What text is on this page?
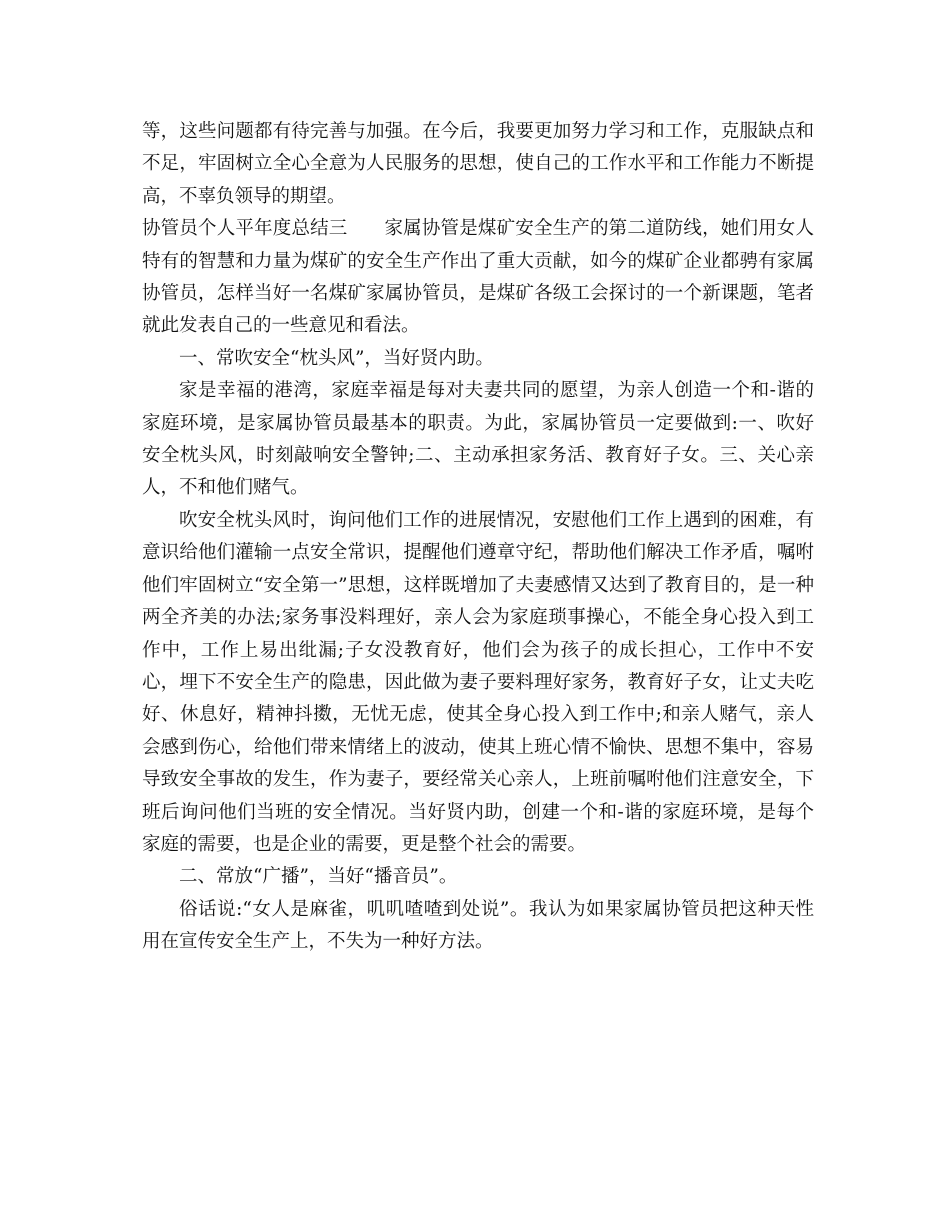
等，这些问题都有待完善与加强。在今后，我要更加努力学习和工作，克服缺点和不足，牢固树立全心全意为人民服务的思想，使自己的工作水平和工作能力不断提高，不辜负领导的期望。

协管员个人平年度总结三 家属协管是煤矿安全生产的第二道防线，她们用女人特有的智慧和力量为煤矿的安全生产作出了重大贡献，如今的煤矿企业都骋有家属协管员，怎样当好一名煤矿家属协管员，是煤矿各级工会探讨的一个新课题，笔者就此发表自己的一些意见和看法。

一、常吹安全“枕头风”，当好贤内助。

家是幸福的港湾，家庭幸福是每对夫妻共同的愿望，为亲人创造一个和-谐的家庭环境，是家属协管员最基本的职责。为此，家属协管员一定要做到:一、吹好安全枕头风，时刻敲响安全警钟;二、主动承担家务活、教育好子女。三、关心亲人，不和他们赌气。

吹安全枕头风时，询问他们工作的进展情况，安慰他们工作上遇到的困难，有意识给他们灌输一点安全常识，提醒他们遵章守纪，帮助他们解决工作矛盾，嘱咐他们牢固树立“安全第一”思想，这样既增加了夫妻感情又达到了教育目的，是一种两全齐美的办法;家务事没料理好，亲人会为家庭琐事操心，不能全身心投入到工作中，工作上易出纰漏;子女没教育好，他们会为孩子的成长担心，工作中不安心，埋下不安全生产的隐患，因此做为妻子要料理好家务，教育好子女，让丈夫吃好、休息好，精神抖擞，无忧无虑，使其全身心投入到工作中;和亲人赌气，亲人会感到伤心，给他们带来情绪上的波动，使其上班心情不愉快、思想不集中，容易导致安全事故的发生，作为妻子，要经常关心亲人，上班前嘱咐他们注意安全，下班后询问他们当班的安全情况。当好贤内助，创建一个和-谐的家庭环境，是每个家庭的需要，也是企业的需要，更是整个社会的需要。

二、常放“广播”，当好“播音员”。

俗话说:“女人是麻雀，叽叽喳喳到处说”。我认为如果家属协管员把这种天性用在宣传安全生产上，不失为一种好方法。
